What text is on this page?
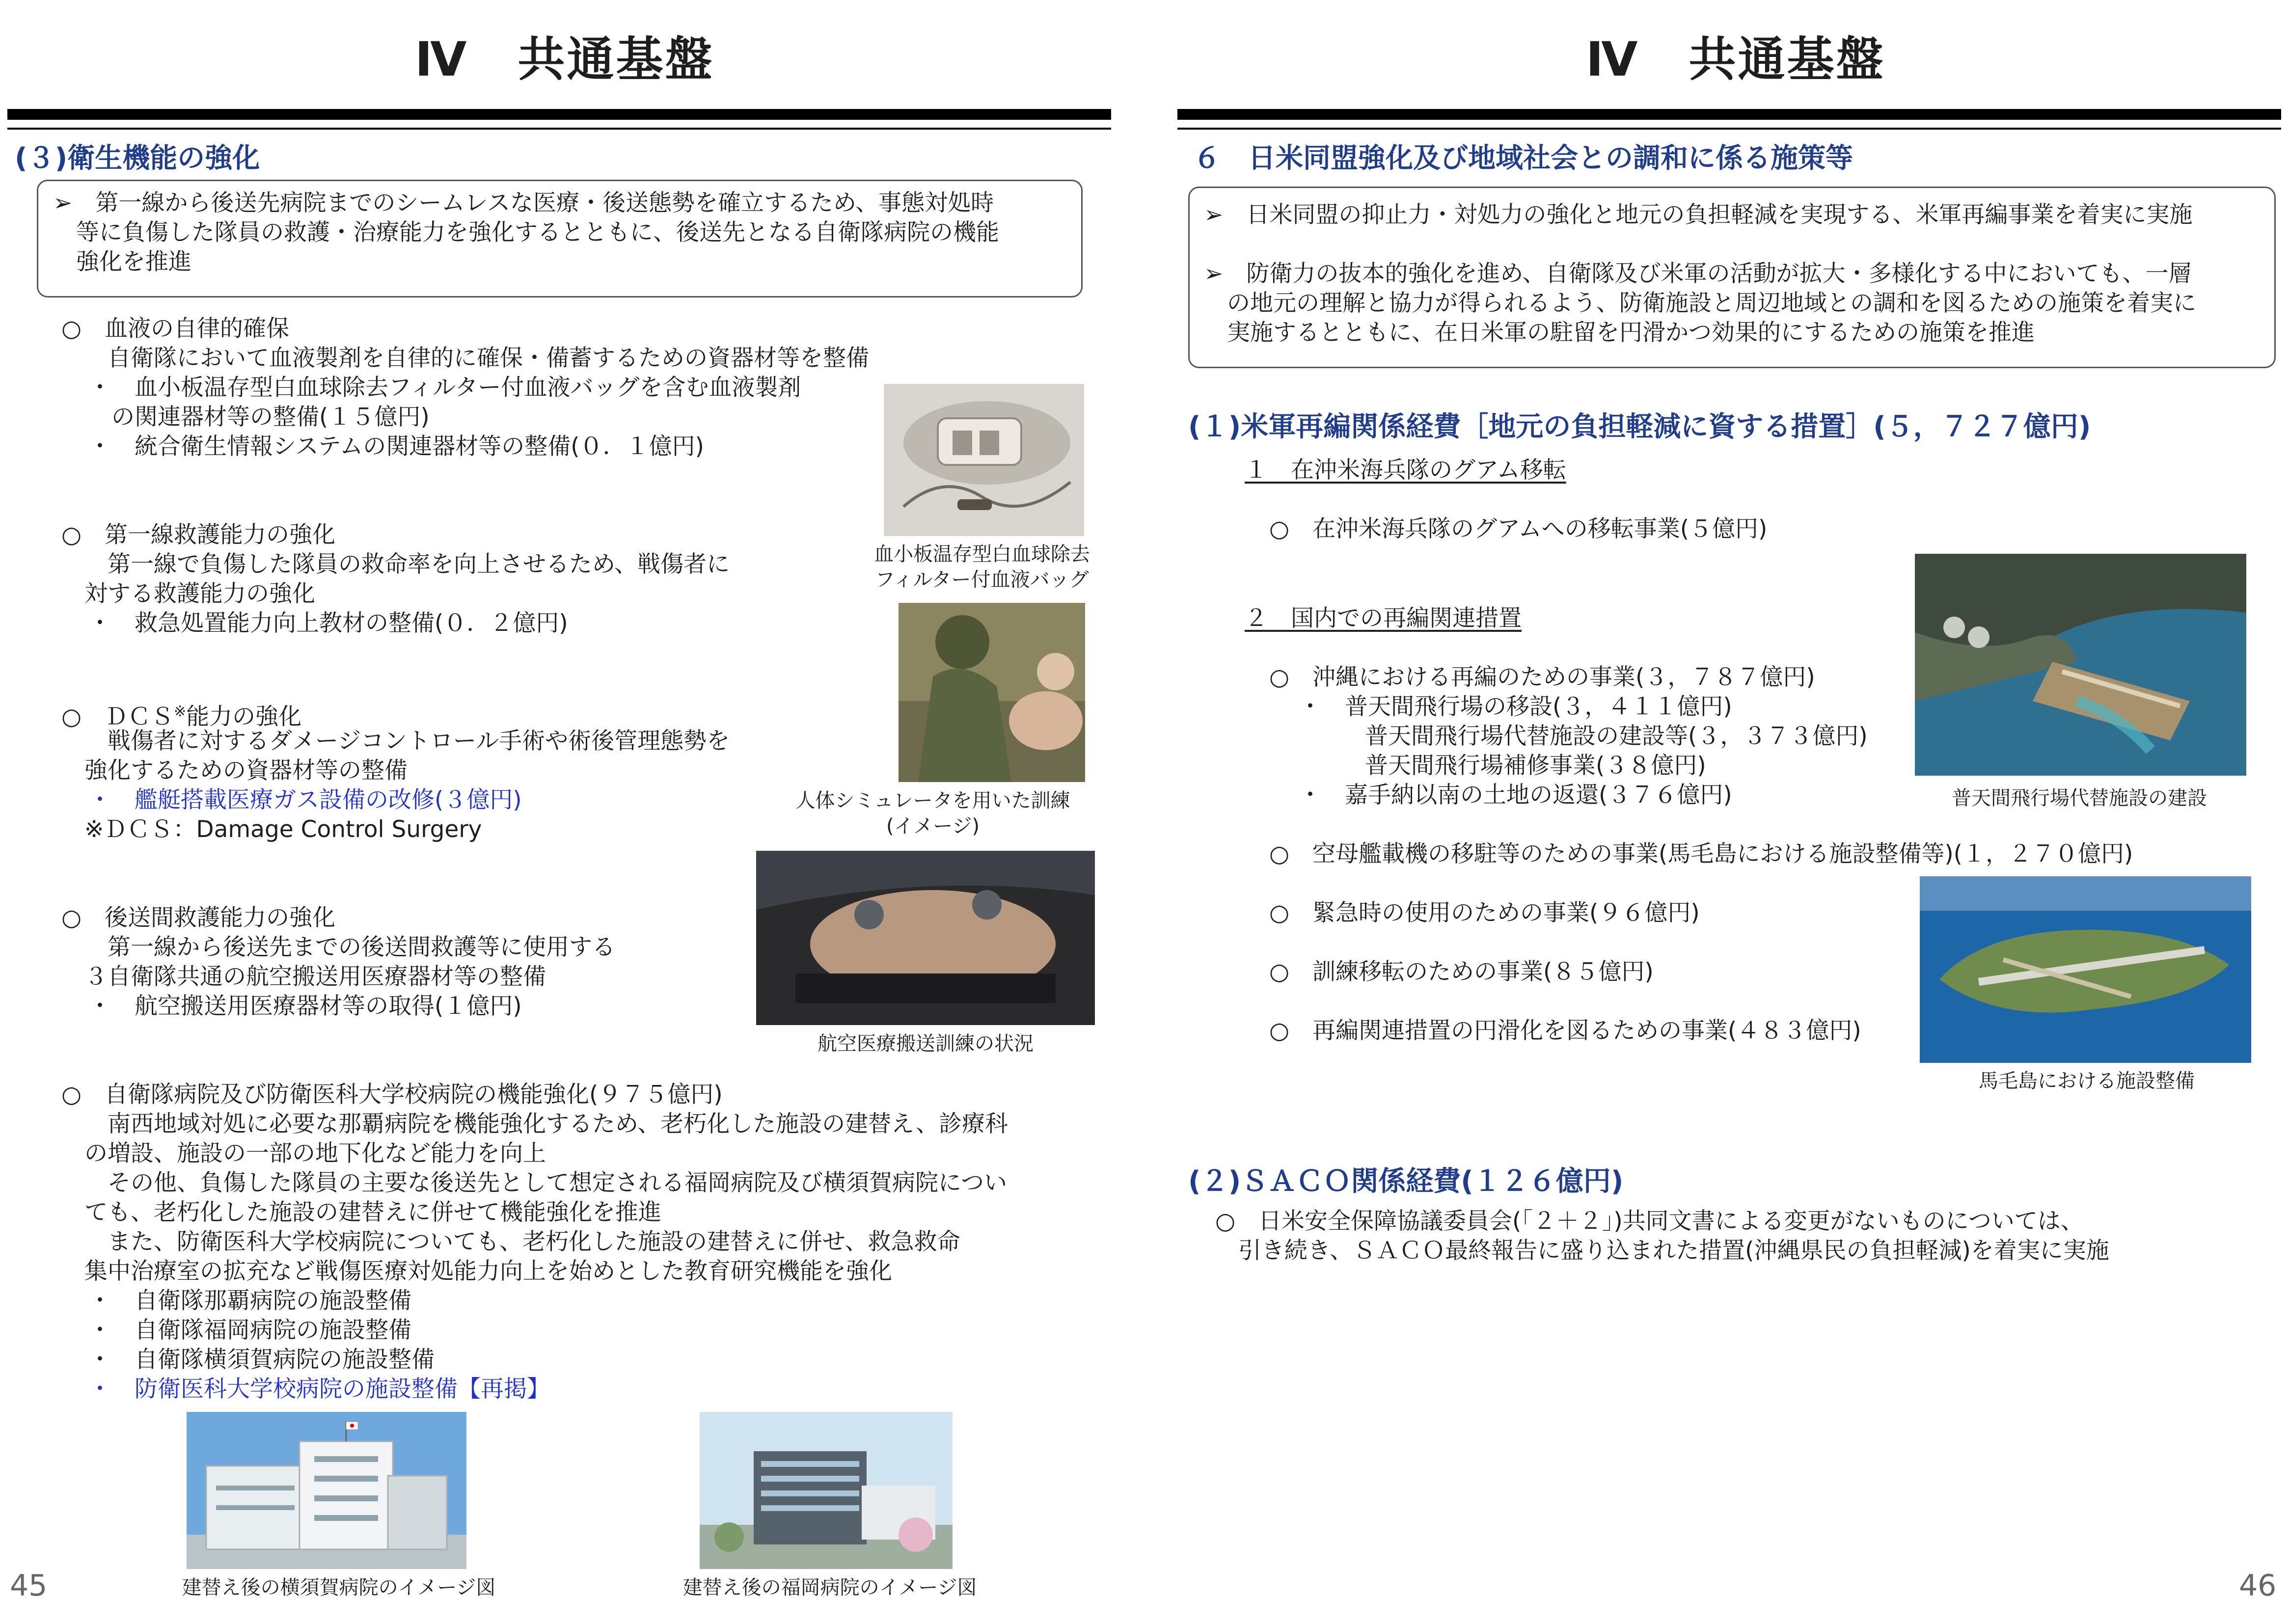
Ⅳ　共通基盤
(３)衛生機能の強化
➢　第一線から後送先病院までのシームレスな医療・後送態勢を確立するため、事態対処時
　等に負傷した隊員の救護・治療能力を強化するとともに、後送先となる自衛隊病院の機能
　強化を推進
○　血液の自律的確保
　　自衛隊において血液製剤を自律的に確保・備蓄するための資器材等を整備
・　血小板温存型白血球除去フィルター付血液バッグを含む血液製剤
　の関連器材等の整備(１５億円)
・　統合衛生情報システムの関連器材等の整備(０．１億円)
○　第一線救護能力の強化
　　第一線で負傷した隊員の救命率を向上させるため、戦傷者に
　対する救護能力の強化
・　救急処置能力向上教材の整備(０．２億円)
○　ＤＣＳ※能力の強化
　　戦傷者に対するダメージコントロール手術や術後管理態勢を
　強化するための資器材等の整備
・　艦艇搭載医療ガス設備の改修(３億円)
　※ＤＣＳ：Damage Control Surgery
○　後送間救護能力の強化
　　第一線から後送先までの後送間救護等に使用する
　３自衛隊共通の航空搬送用医療器材等の整備
・　航空搬送用医療器材等の取得(１億円)
○　自衛隊病院及び防衛医科大学校病院の機能強化(９７５億円)
　　南西地域対処に必要な那覇病院を機能強化するため、老朽化した施設の建替え、診療科
　の増設、施設の一部の地下化など能力を向上
　　その他、負傷した隊員の主要な後送先として想定される福岡病院及び横須賀病院につい
　ても、老朽化した施設の建替えに併せて機能強化を推進
　　また、防衛医科大学校病院についても、老朽化した施設の建替えに併せ、救急救命
　集中治療室の拡充など戦傷医療対処能力向上を始めとした教育研究機能を強化
・　自衛隊那覇病院の施設整備
・　自衛隊福岡病院の施設整備
・　自衛隊横須賀病院の施設整備
・　防衛医科大学校病院の施設整備【再掲】
血小板温存型白血球除去
フィルター付血液バッグ
人体シミュレータを用いた訓練
(イメージ)
航空医療搬送訓練の状況
建替え後の横須賀病院のイメージ図	建替え後の福岡病院のイメージ図
45
Ⅳ　共通基盤
６　日米同盟強化及び地域社会との調和に係る施策等
➢　日米同盟の抑止力・対処力の強化と地元の負担軽減を実現する、米軍再編事業を着実に実施
➢　防衛力の抜本的強化を進め、自衛隊及び米軍の活動が拡大・多様化する中においても、一層
　の地元の理解と協力が得られるよう、防衛施設と周辺地域との調和を図るための施策を着実に
　実施するとともに、在日米軍の駐留を円滑かつ効果的にするための施策を推進
(１)米軍再編関係経費［地元の負担軽減に資する措置］(５，７２７億円)
１　在沖米海兵隊のグアム移転
○　在沖米海兵隊のグアムへの移転事業(５億円)
２　国内での再編関連措置
○　沖縄における再編のための事業(３，７８７億円)
・　普天間飛行場の移設(３，４１１億円)
普天間飛行場代替施設の建設等(３，３７３億円)
普天間飛行場補修事業(３８億円)
・　嘉手納以南の土地の返還(３７６億円)
○　空母艦載機の移駐等のための事業(馬毛島における施設整備等)(１，２７０億円)
○　緊急時の使用のための事業(９６億円)
○　訓練移転のための事業(８５億円)
○　再編関連措置の円滑化を図るための事業(４８３億円)
普天間飛行場代替施設の建設
馬毛島における施設整備
(２)ＳＡＣＯ関係経費(１２６億円)
○　日米安全保障協議委員会(「２＋２」)共同文書による変更がないものについては、
　引き続き、ＳＡＣＯ最終報告に盛り込まれた措置(沖縄県民の負担軽減)を着実に実施
46
